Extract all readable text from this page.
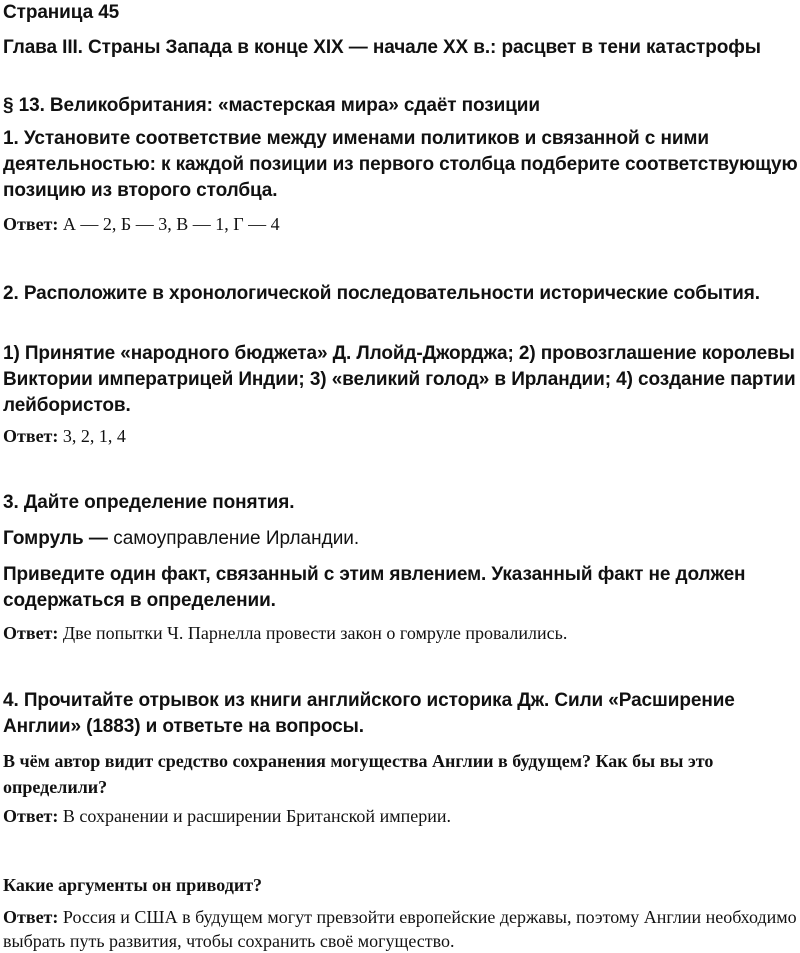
Страница 45

Глава III. Страны Запада в конце XIX — начале XX в.: расцвет в тени катастрофы

§ 13. Великобритания: «мастерская мира» сдаёт позиции

1. Установите соответствие между именами политиков и связанной с ними деятельностью: к каждой позиции из первого столбца подберите соответствующую позицию из второго столбца.

Ответ: А — 2, Б — 3, В — 1, Г — 4

2. Расположите в хронологической последовательности исторические события.

1) Принятие «народного бюджета» Д. Ллойд-Джорджа; 2) провозглашение королевы Виктории императрицей Индии; 3) «великий голод» в Ирландии; 4) создание партии лейбористов.

Ответ: 3, 2, 1, 4

3. Дайте определение понятия.

Гомруль — самоуправление Ирландии.

Приведите один факт, связанный с этим явлением. Указанный факт не должен содержаться в определении.

Ответ: Две попытки Ч. Парнелла провести закон о гомруле провалились.

4. Прочитайте отрывок из книги английского историка Дж. Сили «Расширение Англии» (1883) и ответьте на вопросы.

В чём автор видит средство сохранения могущества Англии в будущем? Как бы вы это определили?

Ответ: В сохранении и расширении Британской империи.

Какие аргументы он приводит?

Ответ: Россия и США в будущем могут превзойти европейские державы, поэтому Англии необходимо выбрать путь развития, чтобы сохранить своё могущество.
